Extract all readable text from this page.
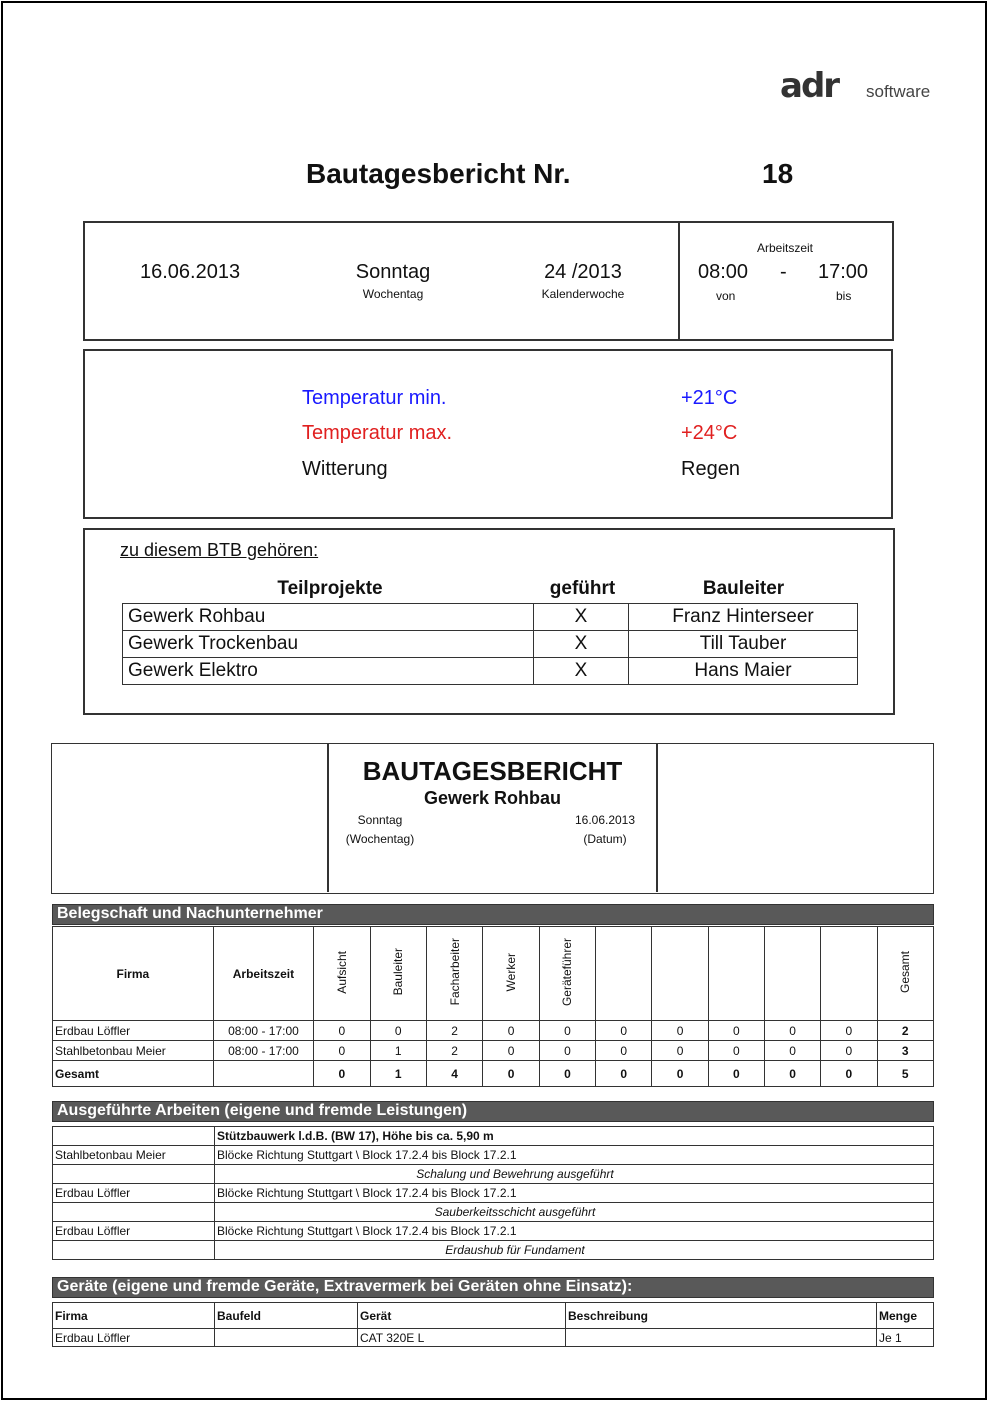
adr software
Bautagesbericht Nr.	18
16.06.2013	Sonntag
Wochentag
24 /2013
Kalenderwoche
Arbeitszeit
08:00 - 17:00
von	bis
Temperatur min.	+21°C
Temperatur max.	+24°C
Witterung	Regen
zu diesem BTB gehören:
Teilprojekte	geführt	Bauleiter
Gewerk Rohbau	X	Franz Hinterseer
Gewerk Trockenbau	X	Till Tauber
Gewerk Elektro	X	Hans Maier
BAUTAGESBERICHT
Gewerk Rohbau
Sonntag
(Wochentag)
16.06.2013
(Datum)
Belegschaft und Nachunternehmer
Firma	Arbeitszeit	Aufsicht	Bauleiter	Facharbeiter	Werker	Geräteführer						Gesamt
Erdbau Löffler	08:00 - 17:00	0	0	2	0	0	0	0	0	0	0	2
Stahlbetonbau Meier	08:00 - 17:00	0	1	2	0	0	0	0	0	0	0	3
Gesamt		0	1	4	0	0	0	0	0	0	0	5
Ausgeführte Arbeiten (eigene und fremde Leistungen)
	Stützbauwerk l.d.B. (BW 17), Höhe bis ca. 5,90 m
Stahlbetonbau Meier	Blöcke Richtung Stuttgart \ Block 17.2.4 bis Block 17.2.1
	Schalung und Bewehrung ausgeführt
Erdbau Löffler	Blöcke Richtung Stuttgart \ Block 17.2.4 bis Block 17.2.1
	Sauberkeitsschicht ausgeführt
Erdbau Löffler	Blöcke Richtung Stuttgart \ Block 17.2.4 bis Block 17.2.1
	Erdaushub für Fundament
Geräte (eigene und fremde Geräte, Extravermerk bei Geräten ohne Einsatz):
Firma	Baufeld	Gerät	Beschreibung	Menge
Erdbau Löffler		CAT 320E L		Je 1
